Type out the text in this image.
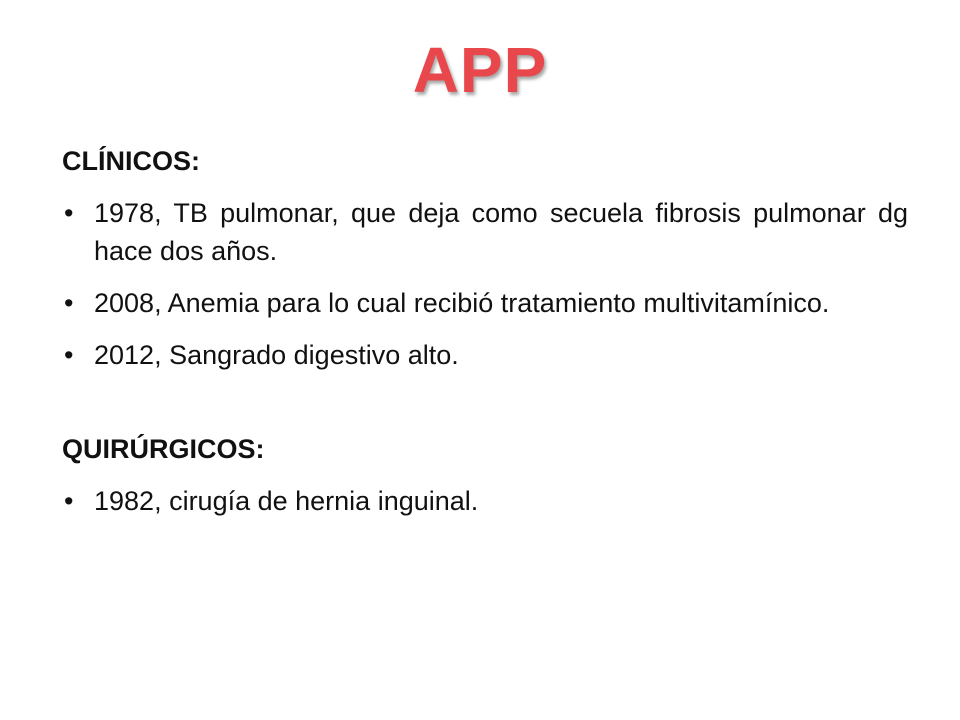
APP

CLÍNICOS:

• 1978, TB pulmonar, que deja como secuela fibrosis pulmonar dg hace dos años.
• 2008, Anemia para lo cual recibió tratamiento multivitamínico.
• 2012, Sangrado digestivo alto.

QUIRÚRGICOS:

• 1982, cirugía de hernia inguinal.
